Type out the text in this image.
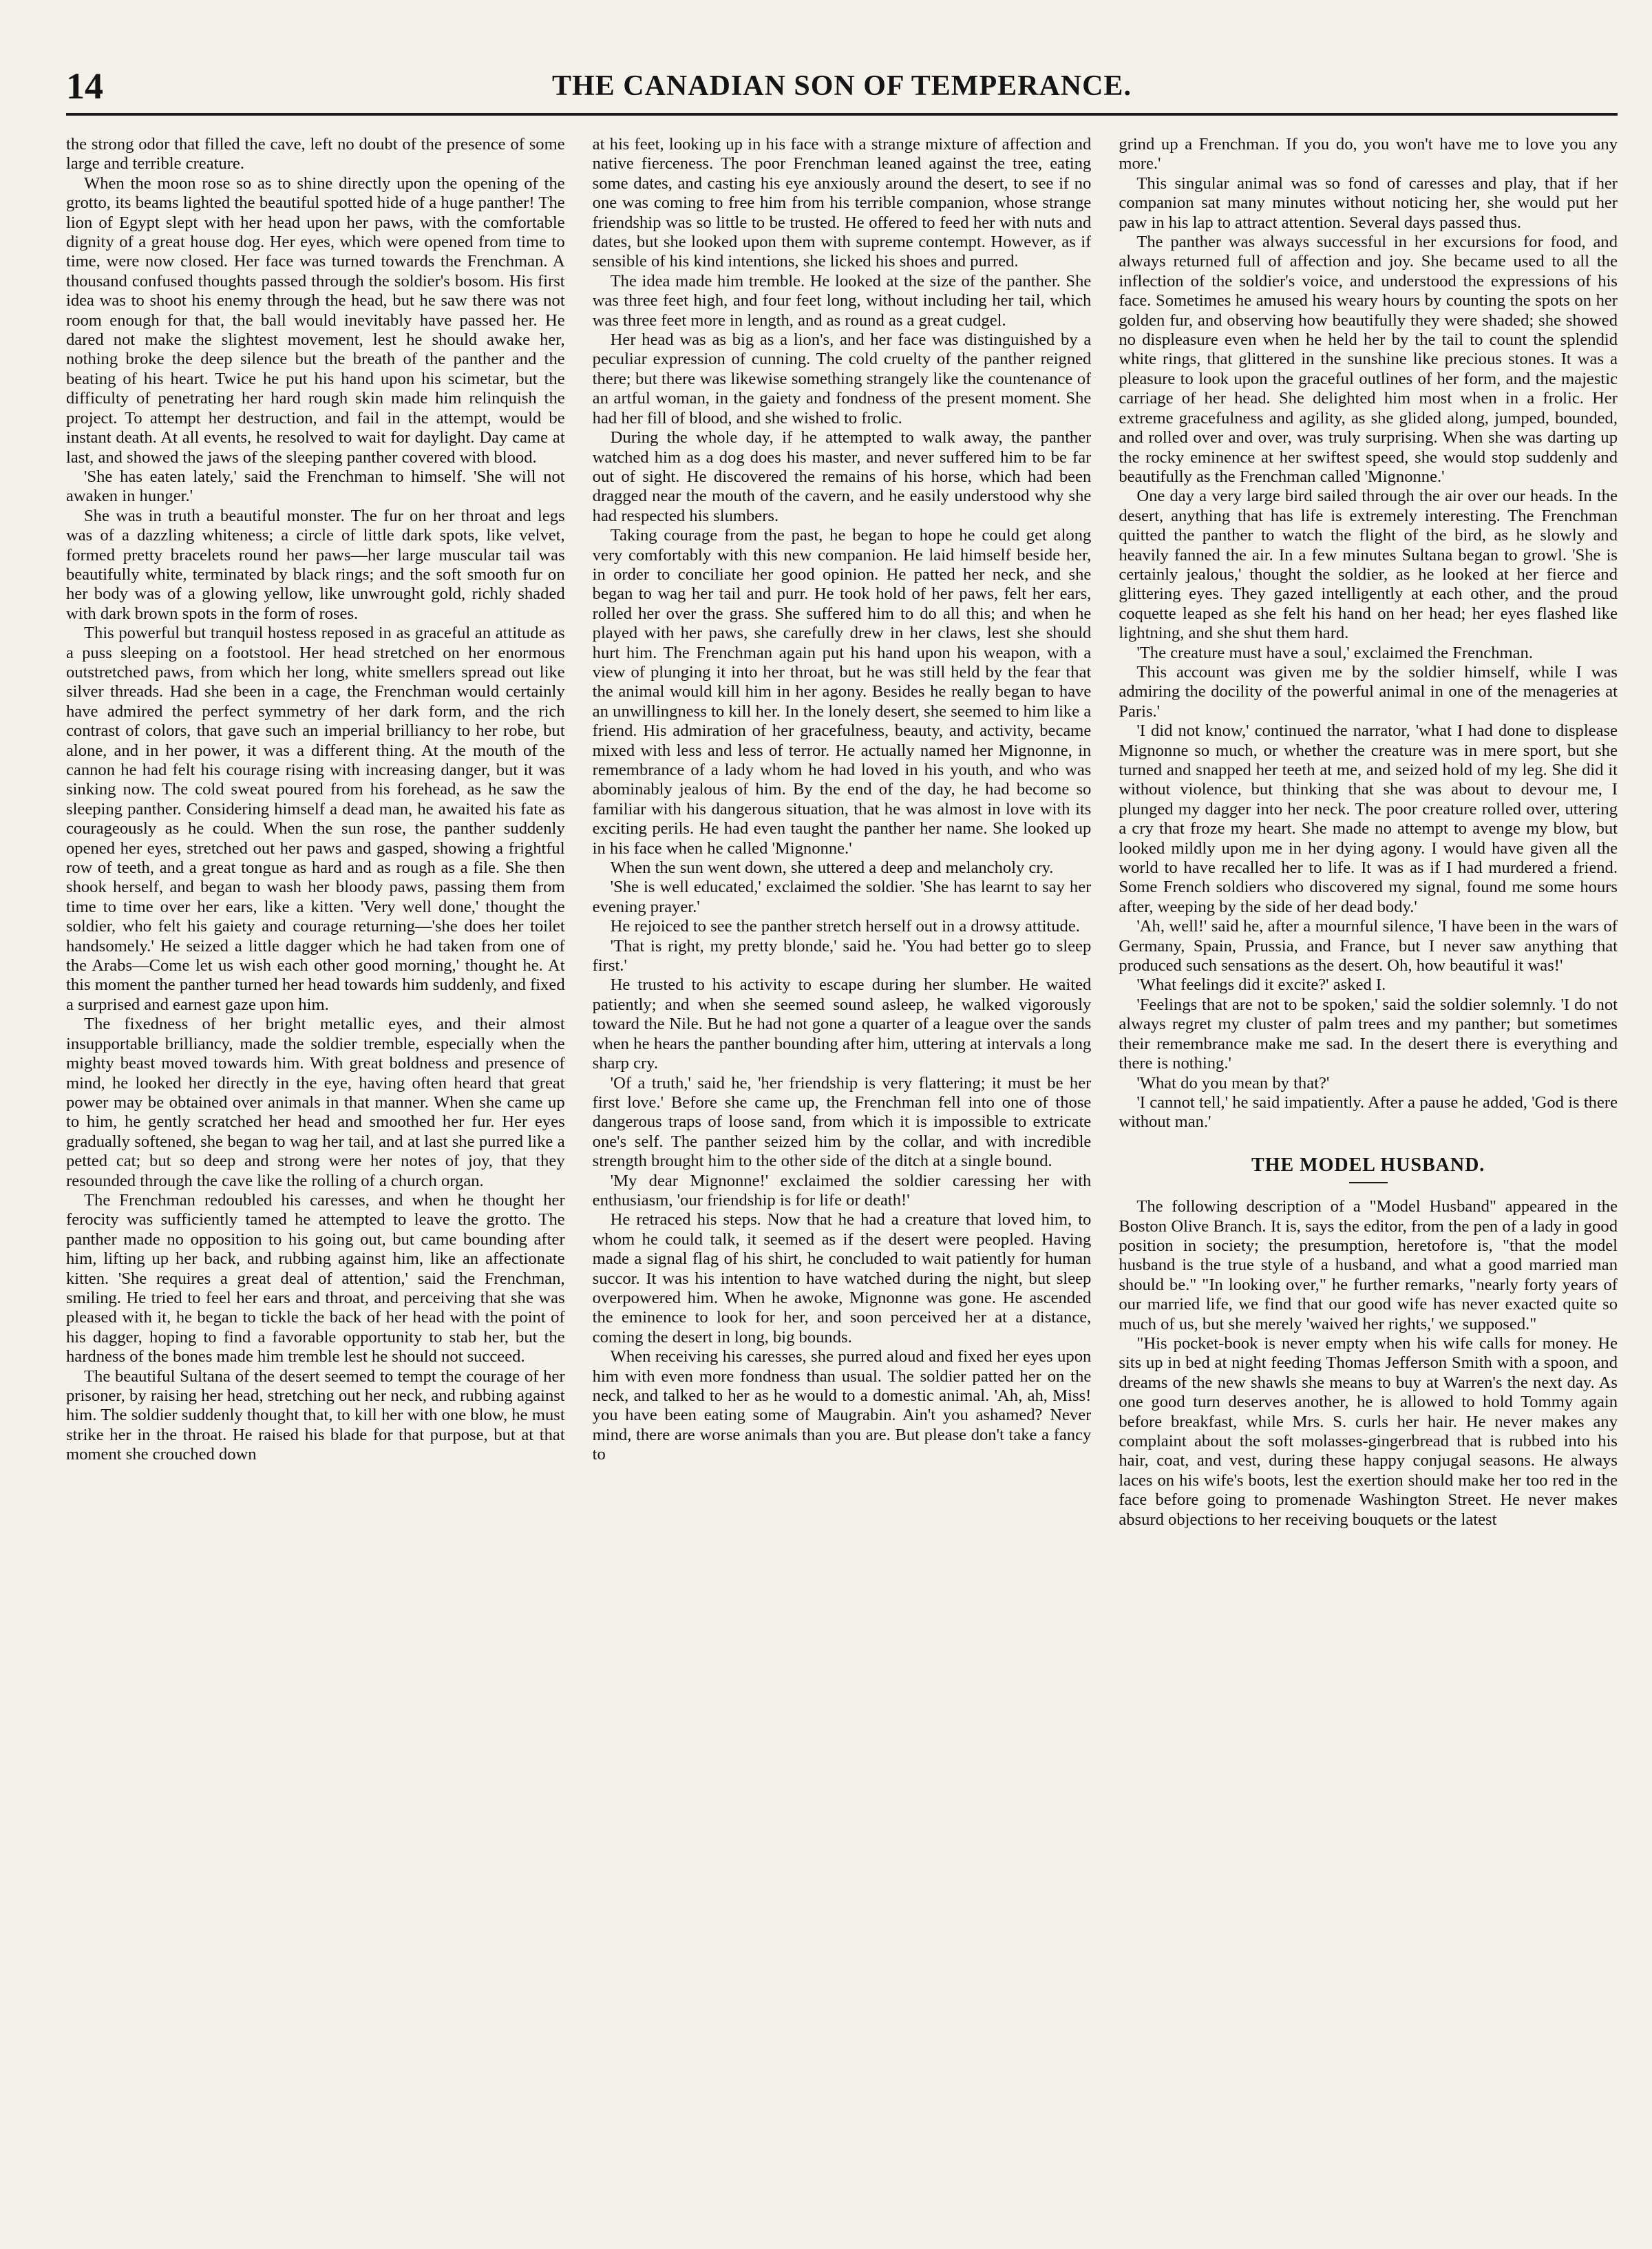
14	THE CANADIAN SON OF TEMPERANCE.

the strong odor that filled the cave, left no doubt of the presence of some large and terrible creature.

When the moon rose so as to shine directly upon the opening of the grotto, its beams lighted the beautiful spotted hide of a huge panther! The lion of Egypt slept with her head upon her paws, with the comfortable dignity of a great house dog. Her eyes, which were opened from time to time, were now closed. Her face was turned towards the Frenchman. A thousand confused thoughts passed through the soldier's bosom. His first idea was to shoot his enemy through the head, but he saw there was not room enough for that, the ball would inevitably have passed her. He dared not make the slightest movement, lest he should awake her, nothing broke the deep silence but the breath of the panther and the beating of his heart. Twice he put his hand upon his scimetar, but the difficulty of penetrating her hard rough skin made him relinquish the project. To attempt her destruction, and fail in the attempt, would be instant death. At all events, he resolved to wait for daylight. Day came at last, and showed the jaws of the sleeping panther covered with blood.

'She has eaten lately,' said the Frenchman to himself. 'She will not awaken in hunger.'

She was in truth a beautiful monster. The fur on her throat and legs was of a dazzling whiteness; a circle of little dark spots, like velvet, formed pretty bracelets round her paws—her large muscular tail was beautifully white, terminated by black rings; and the soft smooth fur on her body was of a glowing yellow, like unwrought gold, richly shaded with dark brown spots in the form of roses.

This powerful but tranquil hostess reposed in as graceful an attitude as a puss sleeping on a footstool. Her head stretched on her enormous outstretched paws, from which her long, white smellers spread out like silver threads. Had she been in a cage, the Frenchman would certainly have admired the perfect symmetry of her dark form, and the rich contrast of colors, that gave such an imperial brilliancy to her robe, but alone, and in her power, it was a different thing. At the mouth of the cannon he had felt his courage rising with increasing danger, but it was sinking now. The cold sweat poured from his forehead, as he saw the sleeping panther. Considering himself a dead man, he awaited his fate as courageously as he could. When the sun rose, the panther suddenly opened her eyes, stretched out her paws and gasped, showing a frightful row of teeth, and a great tongue as hard and as rough as a file. She then shook herself, and began to wash her bloody paws, passing them from time to time over her ears, like a kitten. 'Very well done,' thought the soldier, who felt his gaiety and courage returning—'she does her toilet handsomely.' He seized a little dagger which he had taken from one of the Arabs—Come let us wish each other good morning,' thought he. At this moment the panther turned her head towards him suddenly, and fixed a surprised and earnest gaze upon him.

The fixedness of her bright metallic eyes, and their almost insupportable brilliancy, made the soldier tremble, especially when the mighty beast moved towards him. With great boldness and presence of mind, he looked her directly in the eye, having often heard that great power may be obtained over animals in that manner. When she came up to him, he gently scratched her head and smoothed her fur. Her eyes gradually softened, she began to wag her tail, and at last she purred like a petted cat; but so deep and strong were her notes of joy, that they resounded through the cave like the rolling of a church organ.

The Frenchman redoubled his caresses, and when he thought her ferocity was sufficiently tamed he attempted to leave the grotto. The panther made no opposition to his going out, but came bounding after him, lifting up her back, and rubbing against him, like an affectionate kitten. 'She requires a great deal of attention,' said the Frenchman, smiling. He tried to feel her ears and throat, and perceiving that she was pleased with it, he began to tickle the back of her head with the point of his dagger, hoping to find a favorable opportunity to stab her, but the hardness of the bones made him tremble lest he should not succeed.

The beautiful Sultana of the desert seemed to tempt the courage of her prisoner, by raising her head, stretching out her neck, and rubbing against him. The soldier suddenly thought that, to kill her with one blow, he must strike her in the throat. He raised his blade for that purpose, but at that moment she crouched down

at his feet, looking up in his face with a strange mixture of affection and native fierceness. The poor Frenchman leaned against the tree, eating some dates, and casting his eye anxiously around the desert, to see if no one was coming to free him from his terrible companion, whose strange friendship was so little to be trusted. He offered to feed her with nuts and dates, but she looked upon them with supreme contempt. However, as if sensible of his kind intentions, she licked his shoes and purred.

The idea made him tremble. He looked at the size of the panther. She was three feet high, and four feet long, without including her tail, which was three feet more in length, and as round as a great cudgel.

Her head was as big as a lion's, and her face was distinguished by a peculiar expression of cunning. The cold cruelty of the panther reigned there; but there was likewise something strangely like the countenance of an artful woman, in the gaiety and fondness of the present moment. She had her fill of blood, and she wished to frolic.

During the whole day, if he attempted to walk away, the panther watched him as a dog does his master, and never suffered him to be far out of sight. He discovered the remains of his horse, which had been dragged near the mouth of the cavern, and he easily understood why she had respected his slumbers.

Taking courage from the past, he began to hope he could get along very comfortably with this new companion. He laid himself beside her, in order to conciliate her good opinion. He patted her neck, and she began to wag her tail and purr. He took hold of her paws, felt her ears, rolled her over the grass. She suffered him to do all this; and when he played with her paws, she carefully drew in her claws, lest she should hurt him. The Frenchman again put his hand upon his weapon, with a view of plunging it into her throat, but he was still held by the fear that the animal would kill him in her agony. Besides he really began to have an unwillingness to kill her. In the lonely desert, she seemed to him like a friend. His admiration of her gracefulness, beauty, and activity, became mixed with less and less of terror. He actually named her Mignonne, in remembrance of a lady whom he had loved in his youth, and who was abominably jealous of him. By the end of the day, he had become so familiar with his dangerous situation, that he was almost in love with its exciting perils. He had even taught the panther her name. She looked up in his face when he called 'Mignonne.'

When the sun went down, she uttered a deep and melancholy cry.

'She is well educated,' exclaimed the soldier. 'She has learnt to say her evening prayer.'

He rejoiced to see the panther stretch herself out in a drowsy attitude.

'That is right, my pretty blonde,' said he. 'You had better go to sleep first.'

He trusted to his activity to escape during her slumber. He waited patiently; and when she seemed sound asleep, he walked vigorously toward the Nile. But he had not gone a quarter of a league over the sands when he hears the panther bounding after him, uttering at intervals a long sharp cry.

'Of a truth,' said he, 'her friendship is very flattering; it must be her first love.' Before she came up, the Frenchman fell into one of those dangerous traps of loose sand, from which it is impossible to extricate one's self. The panther seized him by the collar, and with incredible strength brought him to the other side of the ditch at a single bound.

'My dear Mignonne!' exclaimed the soldier caressing her with enthusiasm, 'our friendship is for life or death!'

He retraced his steps. Now that he had a creature that loved him, to whom he could talk, it seemed as if the desert were peopled. Having made a signal flag of his shirt, he concluded to wait patiently for human succor. It was his intention to have watched during the night, but sleep overpowered him. When he awoke, Mignonne was gone. He ascended the eminence to look for her, and soon perceived her at a distance, coming the desert in long, big bounds.

When receiving his caresses, she purred aloud and fixed her eyes upon him with even more fondness than usual. The soldier patted her on the neck, and talked to her as he would to a domestic animal. 'Ah, ah, Miss! you have been eating some of Maugrabin. Ain't you ashamed? Never mind, there are worse animals than you are. But please don't take a fancy to

grind up a Frenchman. If you do, you won't have me to love you any more.'

This singular animal was so fond of caresses and play, that if her companion sat many minutes without noticing her, she would put her paw in his lap to attract attention. Several days passed thus.

The panther was always successful in her excursions for food, and always returned full of affection and joy. She became used to all the inflection of the soldier's voice, and understood the expressions of his face. Sometimes he amused his weary hours by counting the spots on her golden fur, and observing how beautifully they were shaded; she showed no displeasure even when he held her by the tail to count the splendid white rings, that glittered in the sunshine like precious stones. It was a pleasure to look upon the graceful outlines of her form, and the majestic carriage of her head. She delighted him most when in a frolic. Her extreme gracefulness and agility, as she glided along, jumped, bounded, and rolled over and over, was truly surprising. When she was darting up the rocky eminence at her swiftest speed, she would stop suddenly and beautifully as the Frenchman called 'Mignonne.'

One day a very large bird sailed through the air over our heads. In the desert, anything that has life is extremely interesting. The Frenchman quitted the panther to watch the flight of the bird, as he slowly and heavily fanned the air. In a few minutes Sultana began to growl. 'She is certainly jealous,' thought the soldier, as he looked at her fierce and glittering eyes. They gazed intelligently at each other, and the proud coquette leaped as she felt his hand on her head; her eyes flashed like lightning, and she shut them hard.

'The creature must have a soul,' exclaimed the Frenchman.

This account was given me by the soldier himself, while I was admiring the docility of the powerful animal in one of the menageries at Paris.'

'I did not know,' continued the narrator, 'what I had done to displease Mignonne so much, or whether the creature was in mere sport, but she turned and snapped her teeth at me, and seized hold of my leg. She did it without violence, but thinking that she was about to devour me, I plunged my dagger into her neck. The poor creature rolled over, uttering a cry that froze my heart. She made no attempt to avenge my blow, but looked mildly upon me in her dying agony. I would have given all the world to have recalled her to life. It was as if I had murdered a friend. Some French soldiers who discovered my signal, found me some hours after, weeping by the side of her dead body.'

'Ah, well!' said he, after a mournful silence, 'I have been in the wars of Germany, Spain, Prussia, and France, but I never saw anything that produced such sensations as the desert. Oh, how beautiful it was!'

'What feelings did it excite?' asked I.

'Feelings that are not to be spoken,' said the soldier solemnly. 'I do not always regret my cluster of palm trees and my panther; but sometimes their remembrance make me sad. In the desert there is everything and there is nothing.'

'What do you mean by that?'

'I cannot tell,' he said impatiently. After a pause he added, 'God is there without man.'

THE MODEL HUSBAND.

The following description of a "Model Husband" appeared in the Boston Olive Branch. It is, says the editor, from the pen of a lady in good position in society; the presumption, heretofore is, "that the model husband is the true style of a husband, and what a good married man should be." "In looking over," he further remarks, "nearly forty years of our married life, we find that our good wife has never exacted quite so much of us, but she merely 'waived her rights,' we supposed."

"His pocket-book is never empty when his wife calls for money. He sits up in bed at night feeding Thomas Jefferson Smith with a spoon, and dreams of the new shawls she means to buy at Warren's the next day. As one good turn deserves another, he is allowed to hold Tommy again before breakfast, while Mrs. S. curls her hair. He never makes any complaint about the soft molasses-gingerbread that is rubbed into his hair, coat, and vest, during these happy conjugal seasons. He always laces on his wife's boots, lest the exertion should make her too red in the face before going to promenade Washington Street. He never makes absurd objections to her receiving bouquets or the latest
